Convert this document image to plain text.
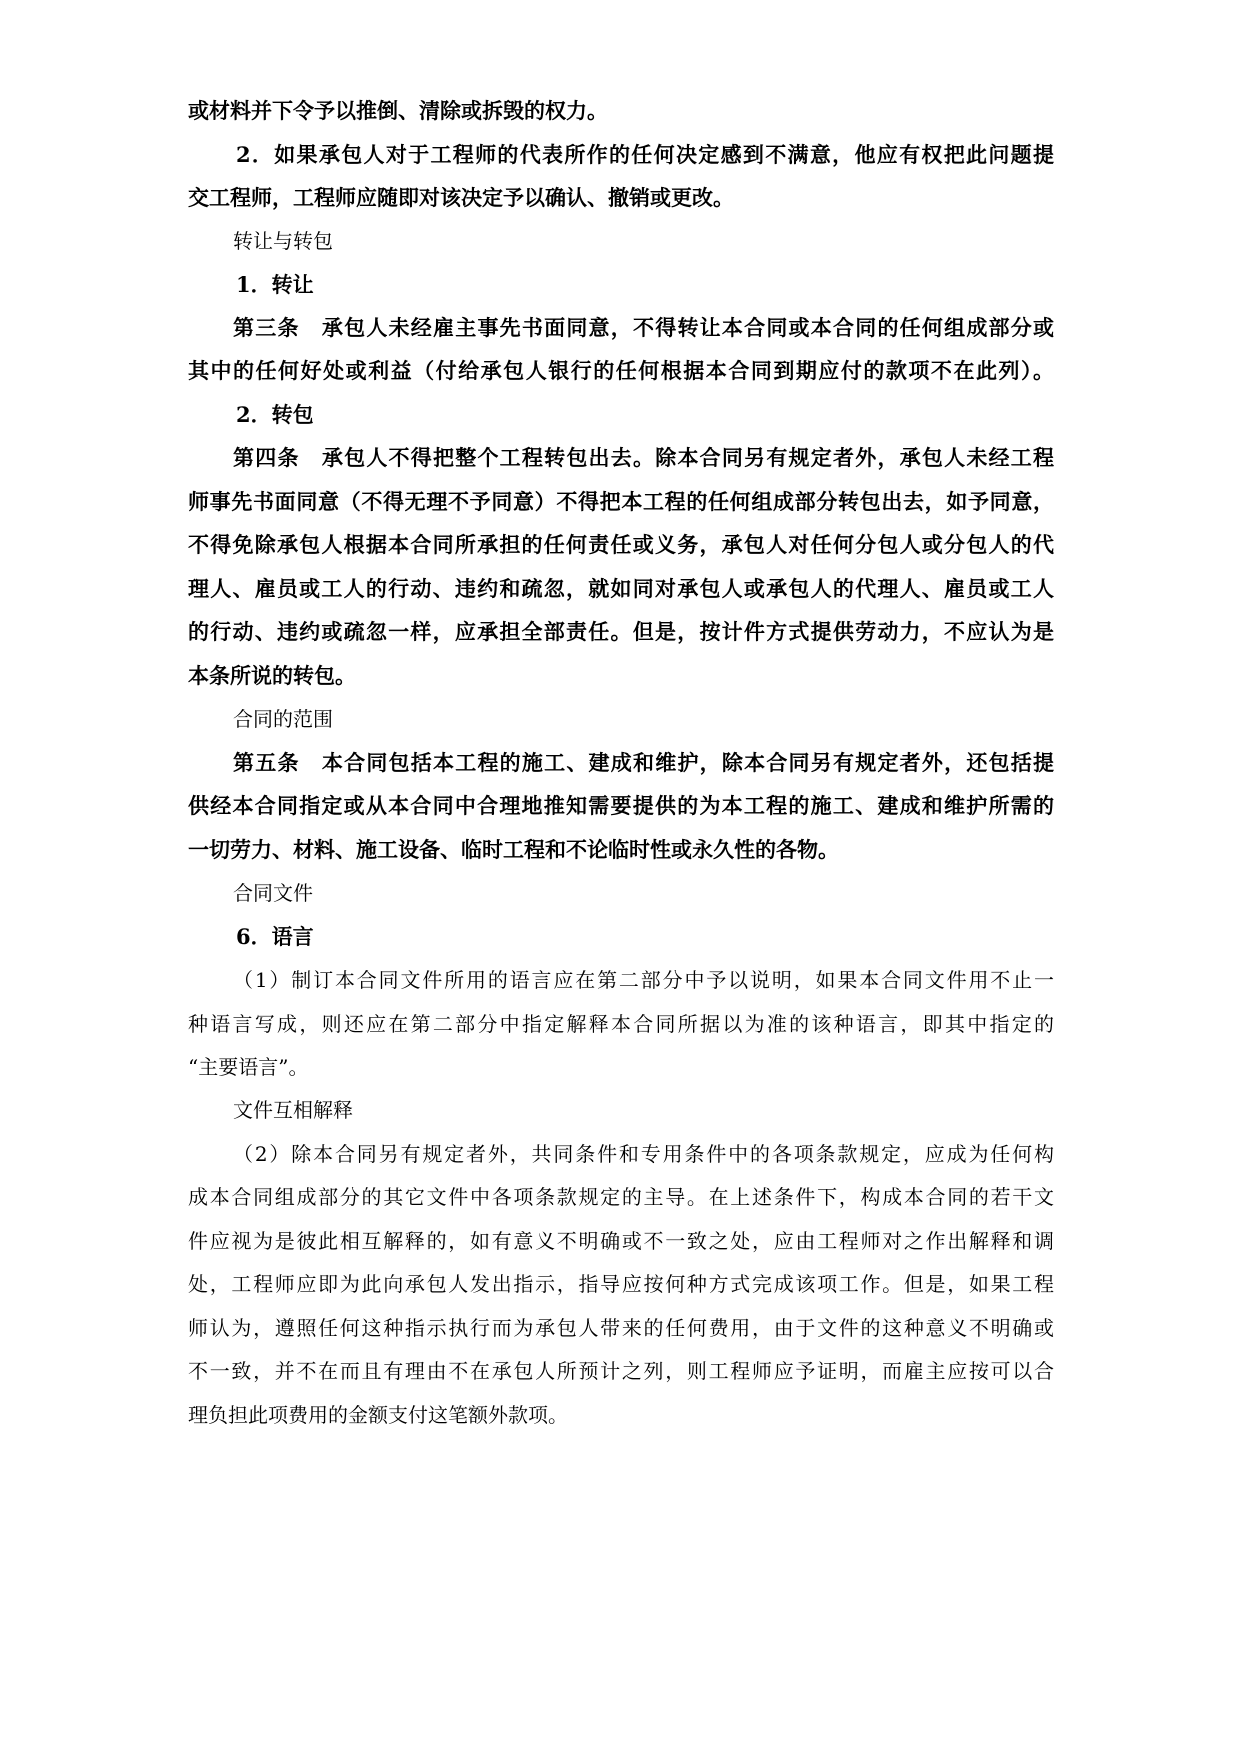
或材料并下令予以推倒、清除或拆毁的权力。
2．如果承包人对于工程师的代表所作的任何决定感到不满意，他应有权把此问题提
交工程师，工程师应随即对该决定予以确认、撤销或更改。
转让与转包
1．转让
第三条　承包人未经雇主事先书面同意，不得转让本合同或本合同的任何组成部分或
其中的任何好处或利益（付给承包人银行的任何根据本合同到期应付的款项不在此列）。
2．转包
第四条　承包人不得把整个工程转包出去。除本合同另有规定者外，承包人未经工程
师事先书面同意（不得无理不予同意）不得把本工程的任何组成部分转包出去，如予同意，
不得免除承包人根据本合同所承担的任何责任或义务，承包人对任何分包人或分包人的代
理人、雇员或工人的行动、违约和疏忽，就如同对承包人或承包人的代理人、雇员或工人
的行动、违约或疏忽一样，应承担全部责任。但是，按计件方式提供劳动力，不应认为是
本条所说的转包。
合同的范围
第五条　本合同包括本工程的施工、建成和维护，除本合同另有规定者外，还包括提
供经本合同指定或从本合同中合理地推知需要提供的为本工程的施工、建成和维护所需的
一切劳力、材料、施工设备、临时工程和不论临时性或永久性的各物。
合同文件
6．语言
（1）制订本合同文件所用的语言应在第二部分中予以说明，如果本合同文件用不止一
种语言写成，则还应在第二部分中指定解释本合同所据以为准的该种语言，即其中指定的
“主要语言”。
文件互相解释
（2）除本合同另有规定者外，共同条件和专用条件中的各项条款规定，应成为任何构
成本合同组成部分的其它文件中各项条款规定的主导。在上述条件下，构成本合同的若干文
件应视为是彼此相互解释的，如有意义不明确或不一致之处，应由工程师对之作出解释和调
处，工程师应即为此向承包人发出指示，指导应按何种方式完成该项工作。但是，如果工程
师认为，遵照任何这种指示执行而为承包人带来的任何费用，由于文件的这种意义不明确或
不一致，并不在而且有理由不在承包人所预计之列，则工程师应予证明，而雇主应按可以合
理负担此项费用的金额支付这笔额外款项。
